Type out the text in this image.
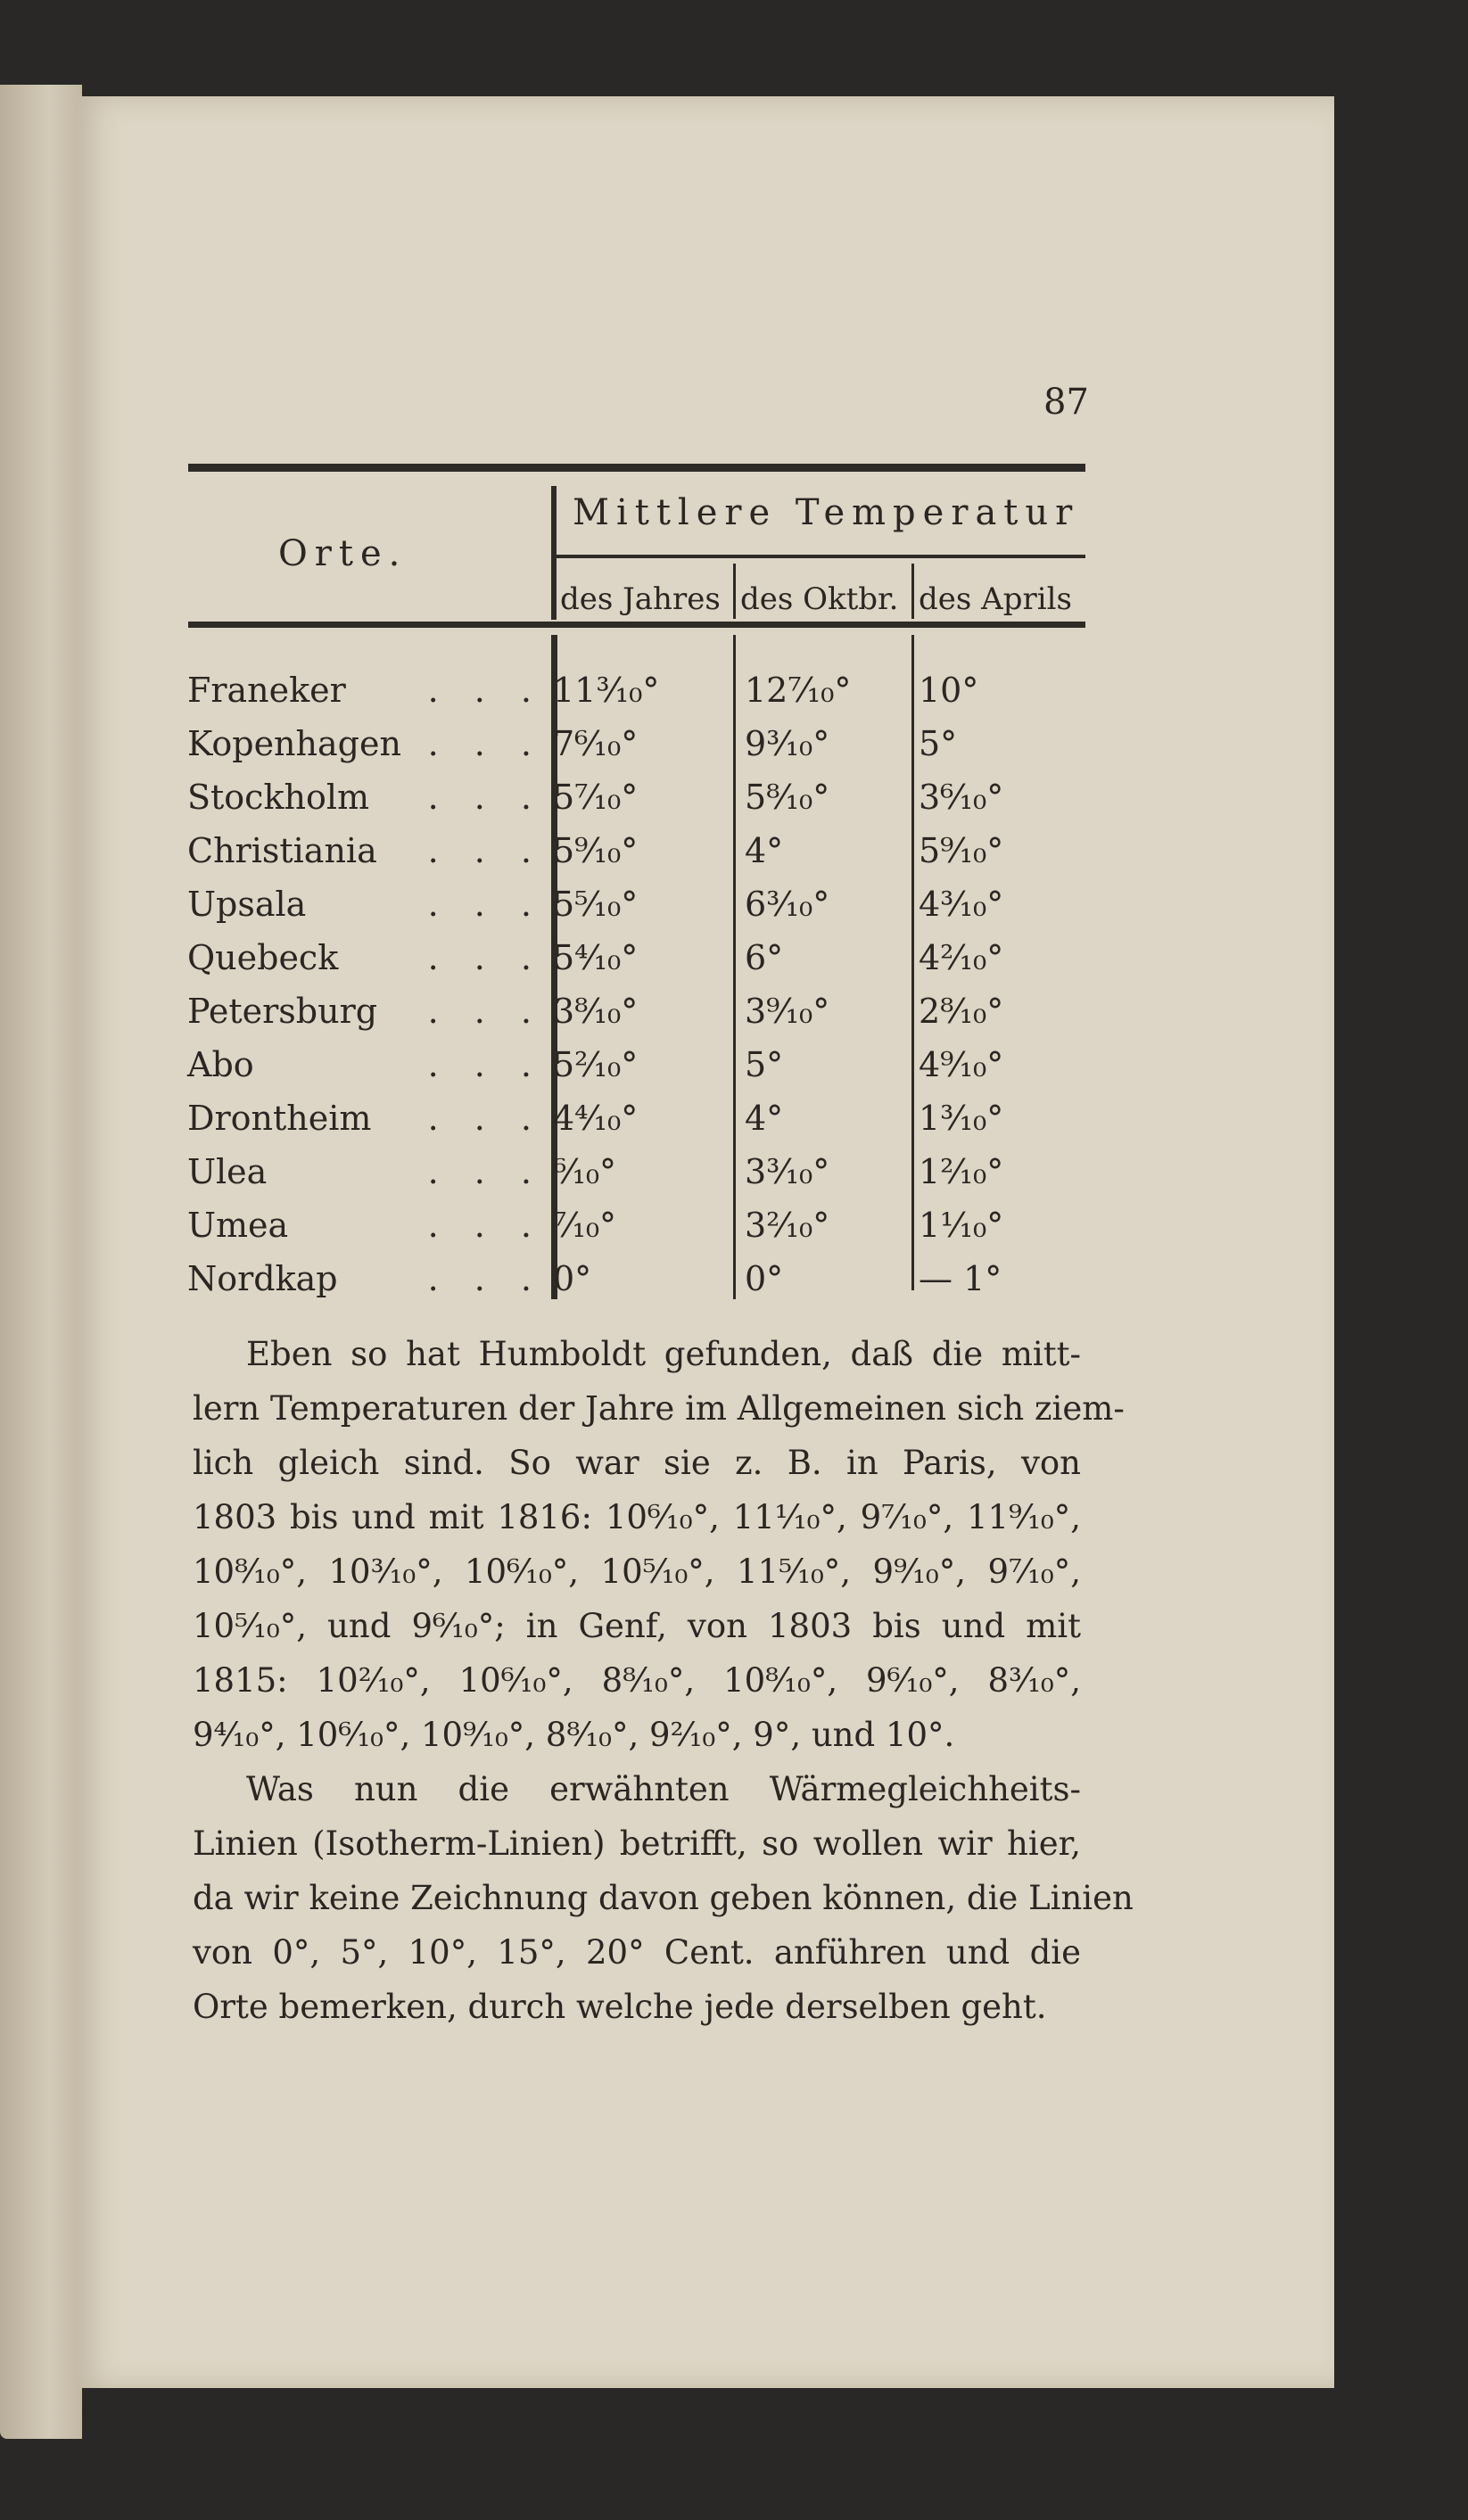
87
Orte.
Mittlere Temperatur
des Jahres des Oktbr. des Aprils
Franeker	11³⁄₁₀°	12⁷⁄₁₀° 10°
. . .
Kopenhagen	7⁶⁄₁₀°	9³⁄₁₀°	5°
. . .
Stockholm	5⁷⁄₁₀°	5⁸⁄₁₀°	3⁶⁄₁₀°
. . .
Christiania	5⁹⁄₁₀°	4°	5⁹⁄₁₀°
. . .
Upsala	5⁵⁄₁₀°	6³⁄₁₀°	4³⁄₁₀°
. . .
Quebeck	5⁴⁄₁₀°	6°	4²⁄₁₀°
. . .
Petersburg	3⁸⁄₁₀°	3⁹⁄₁₀°	2⁸⁄₁₀°
. . .
Abo	5²⁄₁₀°	5°	4⁹⁄₁₀°
. . .
Drontheim	4⁴⁄₁₀°	4°	1³⁄₁₀°
. . .
Ulea	⁶⁄₁₀°	3³⁄₁₀°	1²⁄₁₀°
. . .
Umea	⁷⁄₁₀°	3²⁄₁₀°	1¹⁄₁₀°
. . .
Nordkap	0°	0°	— 1°
. . .
Eben so hat Humboldt gefunden, daß die mitt-
lern Temperaturen der Jahre im Allgemeinen sich ziem-
lich gleich sind. So war sie z. B. in Paris, von
1803 bis und mit 1816: 10⁶⁄₁₀°, 11¹⁄₁₀°, 9⁷⁄₁₀°, 11⁹⁄₁₀°,
10⁸⁄₁₀°, 10³⁄₁₀°, 10⁶⁄₁₀°, 10⁵⁄₁₀°, 11⁵⁄₁₀°, 9⁹⁄₁₀°, 9⁷⁄₁₀°,
10⁵⁄₁₀°, und 9⁶⁄₁₀°; in Genf, von 1803 bis und mit
1815: 10²⁄₁₀°, 10⁶⁄₁₀°, 8⁸⁄₁₀°, 10⁸⁄₁₀°, 9⁶⁄₁₀°, 8³⁄₁₀°,
9⁴⁄₁₀°, 10⁶⁄₁₀°, 10⁹⁄₁₀°, 8⁸⁄₁₀°, 9²⁄₁₀°, 9°, und 10°.
Was nun die erwähnten Wärmegleichheits-
Linien (Isotherm-Linien) betrifft, so wollen wir hier,
da wir keine Zeichnung davon geben können, die Linien
von 0°, 5°, 10°, 15°, 20° Cent. anführen und die
Orte bemerken, durch welche jede derselben geht.
